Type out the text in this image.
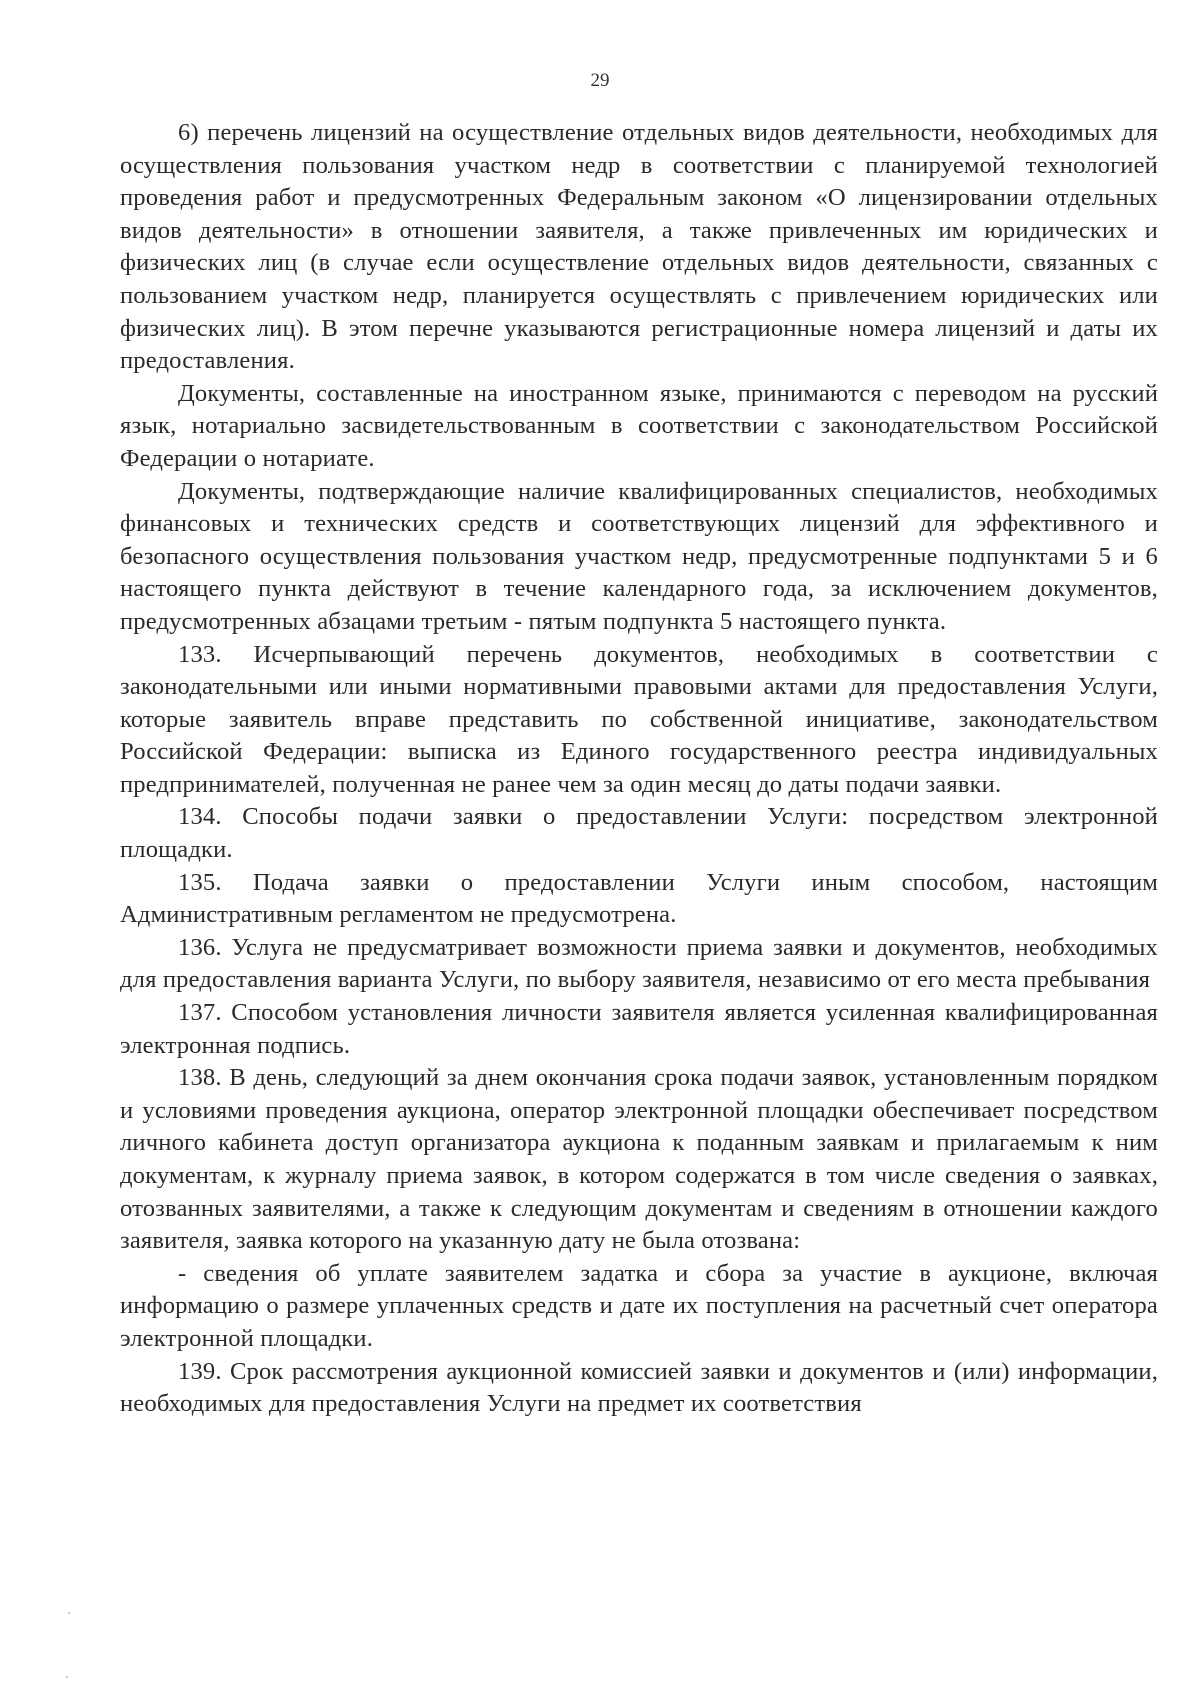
29

6) перечень лицензий на осуществление отдельных видов деятельности, необходимых для осуществления пользования участком недр в соответствии с планируемой технологией проведения работ и предусмотренных Федеральным законом «О лицензировании отдельных видов деятельности» в отношении заявителя, а также привлеченных им юридических и физических лиц (в случае если осуществление отдельных видов деятельности, связанных с пользованием участком недр, планируется осуществлять с привлечением юридических или физических лиц). В этом перечне указываются регистрационные номера лицензий и даты их предоставления.

Документы, составленные на иностранном языке, принимаются с переводом на русский язык, нотариально засвидетельствованным в соответствии с законодательством Российской Федерации о нотариате.

Документы, подтверждающие наличие квалифицированных специалистов, необходимых финансовых и технических средств и соответствующих лицензий для эффективного и безопасного осуществления пользования участком недр, предусмотренные подпунктами 5 и 6 настоящего пункта действуют в течение календарного года, за исключением документов, предусмотренных абзацами третьим - пятым подпункта 5 настоящего пункта.

133. Исчерпывающий перечень документов, необходимых в соответствии с законодательными или иными нормативными правовыми актами для предоставления Услуги, которые заявитель вправе представить по собственной инициативе, законодательством Российской Федерации: выписка из Единого государственного реестра индивидуальных предпринимателей, полученная не ранее чем за один месяц до даты подачи заявки.

134. Способы подачи заявки о предоставлении Услуги: посредством электронной площадки.

135. Подача заявки о предоставлении Услуги иным способом, настоящим Административным регламентом не предусмотрена.

136. Услуга не предусматривает возможности приема заявки и документов, необходимых для предоставления варианта Услуги, по выбору заявителя, независимо от его места пребывания

137. Способом установления личности заявителя является усиленная квалифицированная электронная подпись.

138. В день, следующий за днем окончания срока подачи заявок, установленным порядком и условиями проведения аукциона, оператор электронной площадки обеспечивает посредством личного кабинета доступ организатора аукциона к поданным заявкам и прилагаемым к ним документам, к журналу приема заявок, в котором содержатся в том числе сведения о заявках, отозванных заявителями, а также к следующим документам и сведениям в отношении каждого заявителя, заявка которого на указанную дату не была отозвана:

- сведения об уплате заявителем задатка и сбора за участие в аукционе, включая информацию о размере уплаченных средств и дате их поступления на расчетный счет оператора электронной площадки.

139. Срок рассмотрения аукционной комиссией заявки и документов и (или) информации, необходимых для предоставления Услуги на предмет их соответствия
